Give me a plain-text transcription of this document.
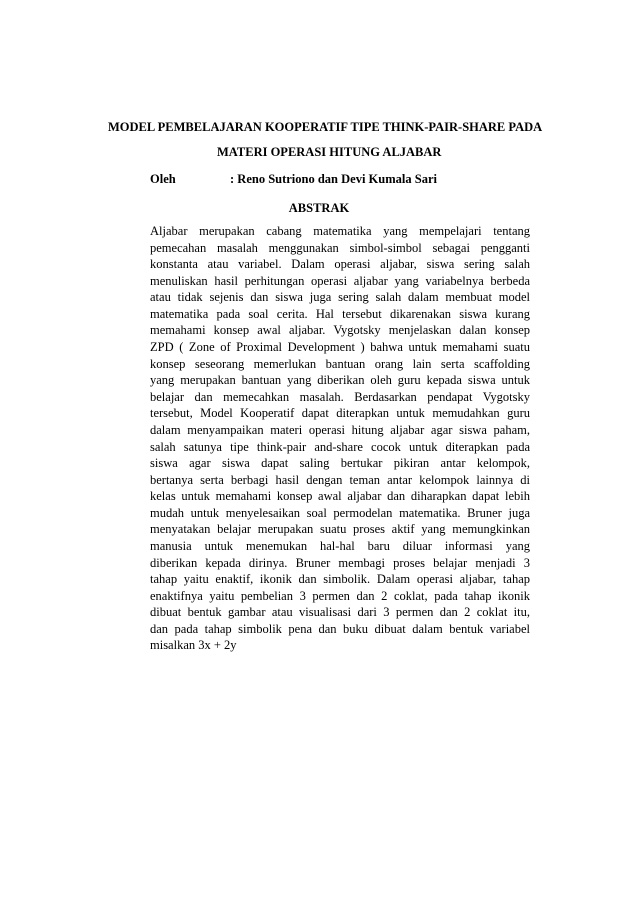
MODEL PEMBELAJARAN KOOPERATIF TIPE THINK-PAIR-SHARE PADA
MATERI OPERASI HITUNG ALJABAR
Oleh	: Reno Sutriono dan Devi Kumala Sari
ABSTRAK
Aljabar merupakan cabang matematika yang mempelajari tentang
pemecahan masalah menggunakan simbol-simbol sebagai pengganti
konstanta atau variabel. Dalam operasi aljabar, siswa sering salah
menuliskan hasil perhitungan operasi aljabar yang variabelnya berbeda
atau tidak sejenis dan siswa juga sering salah dalam membuat model
matematika pada soal cerita. Hal tersebut dikarenakan siswa kurang
memahami konsep awal aljabar. Vygotsky menjelaskan dalan konsep
ZPD ( Zone of Proximal Development ) bahwa untuk memahami suatu
konsep seseorang memerlukan bantuan orang lain serta scaffolding
yang merupakan bantuan yang diberikan oleh guru kepada siswa untuk
belajar dan memecahkan masalah. Berdasarkan pendapat Vygotsky
tersebut, Model Kooperatif dapat diterapkan untuk memudahkan guru
dalam menyampaikan materi operasi hitung aljabar agar siswa paham,
salah satunya tipe think-pair and-share cocok untuk diterapkan pada
siswa agar siswa dapat saling bertukar pikiran antar kelompok,
bertanya serta berbagi hasil dengan teman antar kelompok lainnya di
kelas untuk memahami konsep awal aljabar dan diharapkan dapat lebih
mudah untuk menyelesaikan soal permodelan matematika. Bruner juga
menyatakan belajar merupakan suatu proses aktif yang memungkinkan
manusia untuk menemukan hal-hal baru diluar informasi yang
diberikan kepada dirinya. Bruner membagi proses belajar menjadi 3
tahap yaitu enaktif, ikonik dan simbolik. Dalam operasi aljabar, tahap
enaktifnya yaitu pembelian 3 permen dan 2 coklat, pada tahap ikonik
dibuat bentuk gambar atau visualisasi dari 3 permen dan 2 coklat itu,
dan pada tahap simbolik pena dan buku dibuat dalam bentuk variabel
misalkan 3x + 2y
